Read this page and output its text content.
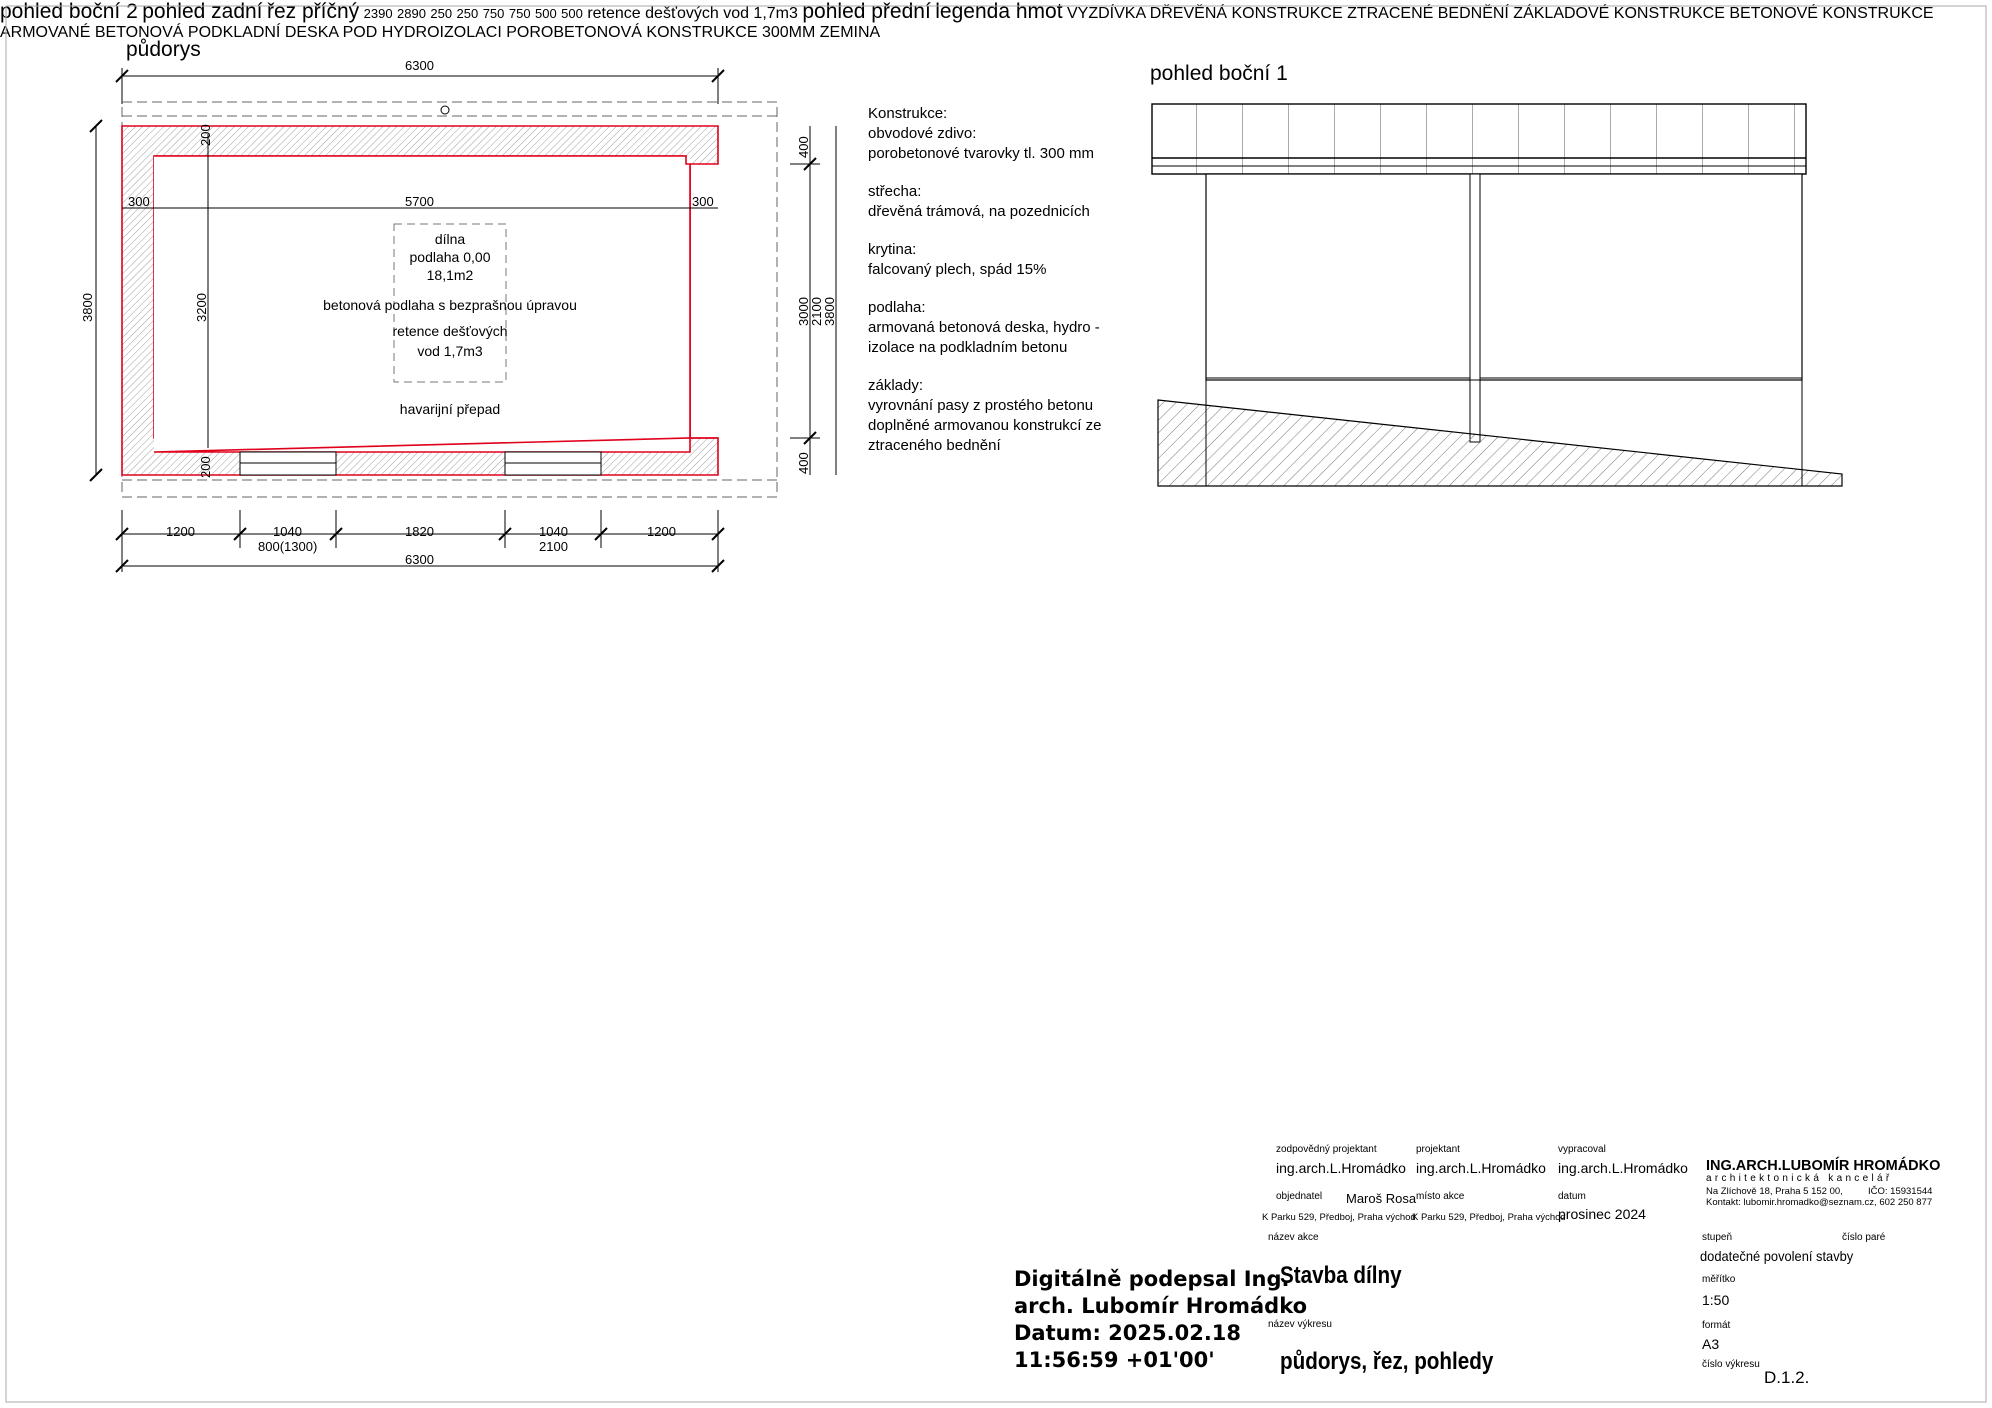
půdorys
6300
5700
300	300
200
200
3200
3800
400
3000
2100
3800
400
dílna
podlaha 0,00
18,1m2
betonová podlaha s bezprašnou úpravou
retence dešťových
vod 1,7m3
havarijní přepad
1200	1040	1820	1040	1200
800(1300)	2100
6300
pohled boční 1
pohled boční 2 pohled zadní řez příčný 2390 2890 250 250 750 750 500 500 retence dešťových vod 1,7m3 pohled přední legenda hmot VYZDÍVKA DŘEVĚNÁ KONSTRUKCE ZTRACENÉ BEDNĚNÍ ZÁKLADOVÉ KONSTRUKCE BETONOVÉ KONSTRUKCE ARMOVANÉ BETONOVÁ PODKLADNÍ DESKA POD HYDROIZOLACI POROBETONOVÁ KONSTRUKCE 300MM ZEMINA

Konstrukce:
obvodové zdivo:
porobetonové tvarovky tl. 300 mm

střecha:
dřevěná trámová, na pozednicích

krytina:
falcovaný plech, spád 15%

podlaha:
armovaná betonová deska, hydro -
izolace na podkladním betonu

základy:
vyrovnání pasy z prostého betonu
doplněné armovanou konstrukcí ze
ztraceného bednění

Digitálně podepsal Ing.
arch. Lubomír Hromádko
Datum: 2025.02.18
11:56:59 +01'00'
zodpovědný projektant
ing.arch.L.Hromádko
projektant
ing.arch.L.Hromádko
vypracoval
ing.arch.L.Hromádko
objednatel Maroš Rosa
K Parku 529, Předboj, Praha východ
místo akce
K Parku 529, Předboj, Praha východ
datum
prosinec 2024
ING.ARCH.LUBOMÍR HROMÁDKO
architektonická kancelář
Na Zlíchově 18, Praha 5 152 00,	IČO: 15931544
Kontakt: lubomir.hromadko@seznam.cz, 602 250 877
název akce
Stavba dílny
název výkresu
půdorys, řez, pohledy
stupeň
dodatečné povolení stavby
číslo paré
měřítko
1:50
formát
A3
číslo výkresu
D.1.2.
